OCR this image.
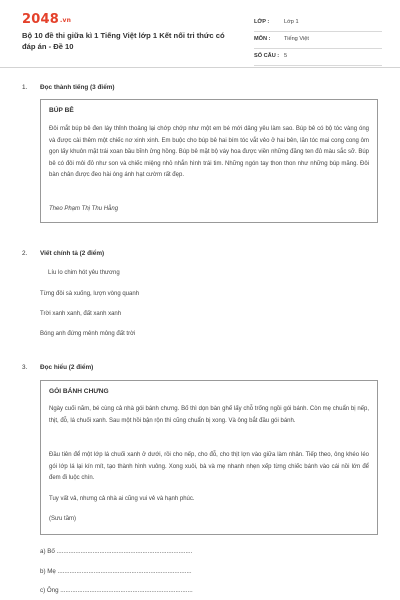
2048.vn
Bộ 10 đề thi giữa kì 1 Tiếng Việt lớp 1 Kết nối tri thức có đáp án - Đề 10
LỚP :	Lớp 1
MÔN : Tiếng Việt
SỐ CÂU : 5
1. Đọc thành tiếng (3 điểm)
BÚP BÊ
Đôi mắt búp bê đen láy thỉnh thoảng lại chớp chớp như một em bé mới dâng yêu làm sao. Búp bê có bộ tóc vàng óng và được cài thêm một chiếc nơ xinh xinh. Em buộc cho búp bê hai bím tóc vắt vẻo ở hai bên, lăn tóc mai cong cong ôm gọn lấy khuôn mặt trái xoan bầu bĩnh ửng hồng. Búp bê mặt bộ váy hoa được viền những đăng ten đủ màu sắc sỡ. Búp bê có đôi môi đỏ như son và chiếc miệng nhỏ nhắn hình trái tim. Những ngón tay thon thon như những búp măng. Đôi bàn chân được đeo hài óng ánh hạt cườm rất đẹp.
Theo Phạm Thị Thu Hằng
2. Viết chính tả (2 điểm)
Líu lo chim hót yêu thương
Từng đôi sà xuống, lượn vòng quanh
Trời xanh xanh, đất xanh xanh
Bóng anh đứng mênh mông đất trời
3. Đọc hiểu (2 điểm)
GÓI BÁNH CHƯNG
Ngày cuối năm, bé cùng cả nhà gói bánh chưng. Bố thì dọn bàn ghế lấy chỗ trống ngồi gói bánh. Còn mẹ chuẩn bị nếp, thịt, đỗ, lá chuối xanh. Sau một hồi bận rộn thì cũng chuẩn bị xong. Và ông bắt đầu gói bánh.
Đầu tiên để một lớp lá chuối xanh ở dưới, rồi cho nếp, cho đỗ, cho thịt lợn vào giữa làm nhân. Tiếp theo, ông khéo léo gói lớp lá lại kín mít, tạo thành hình vuông. Xong xuôi, bà và mẹ nhanh nhẹn xếp từng chiếc bánh vào cái nồi lớn để đem đi luộc chín.
Tuy vất vả, nhưng cả nhà ai cũng vui vẻ và hạnh phúc.
(Sưu tầm)
a) Bố ...............................................................................
b) Mẹ ..............................................................................
c) Ông .............................................................................
